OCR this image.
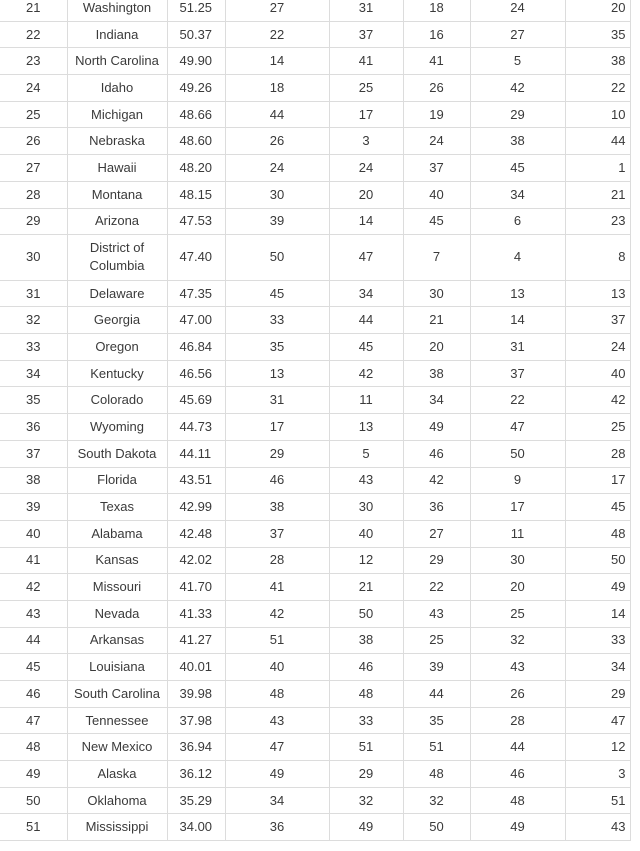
21	Washington	51.25	27	31	18	24	20
22	Indiana	50.37	22	37	16	27	35
23	North Carolina	49.90	14	41	41	5	38
24	Idaho	49.26	18	25	26	42	22
25	Michigan	48.66	44	17	19	29	10
26	Nebraska	48.60	26	3	24	38	44
27	Hawaii	48.20	24	24	37	45	1
28	Montana	48.15	30	20	40	34	21
29	Arizona	47.53	39	14	45	6	23
30	District of Columbia	47.40	50	47	7	4	8
31	Delaware	47.35	45	34	30	13	13
32	Georgia	47.00	33	44	21	14	37
33	Oregon	46.84	35	45	20	31	24
34	Kentucky	46.56	13	42	38	37	40
35	Colorado	45.69	31	11	34	22	42
36	Wyoming	44.73	17	13	49	47	25
37	South Dakota	44.11	29	5	46	50	28
38	Florida	43.51	46	43	42	9	17
39	Texas	42.99	38	30	36	17	45
40	Alabama	42.48	37	40	27	11	48
41	Kansas	42.02	28	12	29	30	50
42	Missouri	41.70	41	21	22	20	49
43	Nevada	41.33	42	50	43	25	14
44	Arkansas	41.27	51	38	25	32	33
45	Louisiana	40.01	40	46	39	43	34
46	South Carolina	39.98	48	48	44	26	29
47	Tennessee	37.98	43	33	35	28	47
48	New Mexico	36.94	47	51	51	44	12
49	Alaska	36.12	49	29	48	46	3
50	Oklahoma	35.29	34	32	32	48	51
51	Mississippi	34.00	36	49	50	49	43
